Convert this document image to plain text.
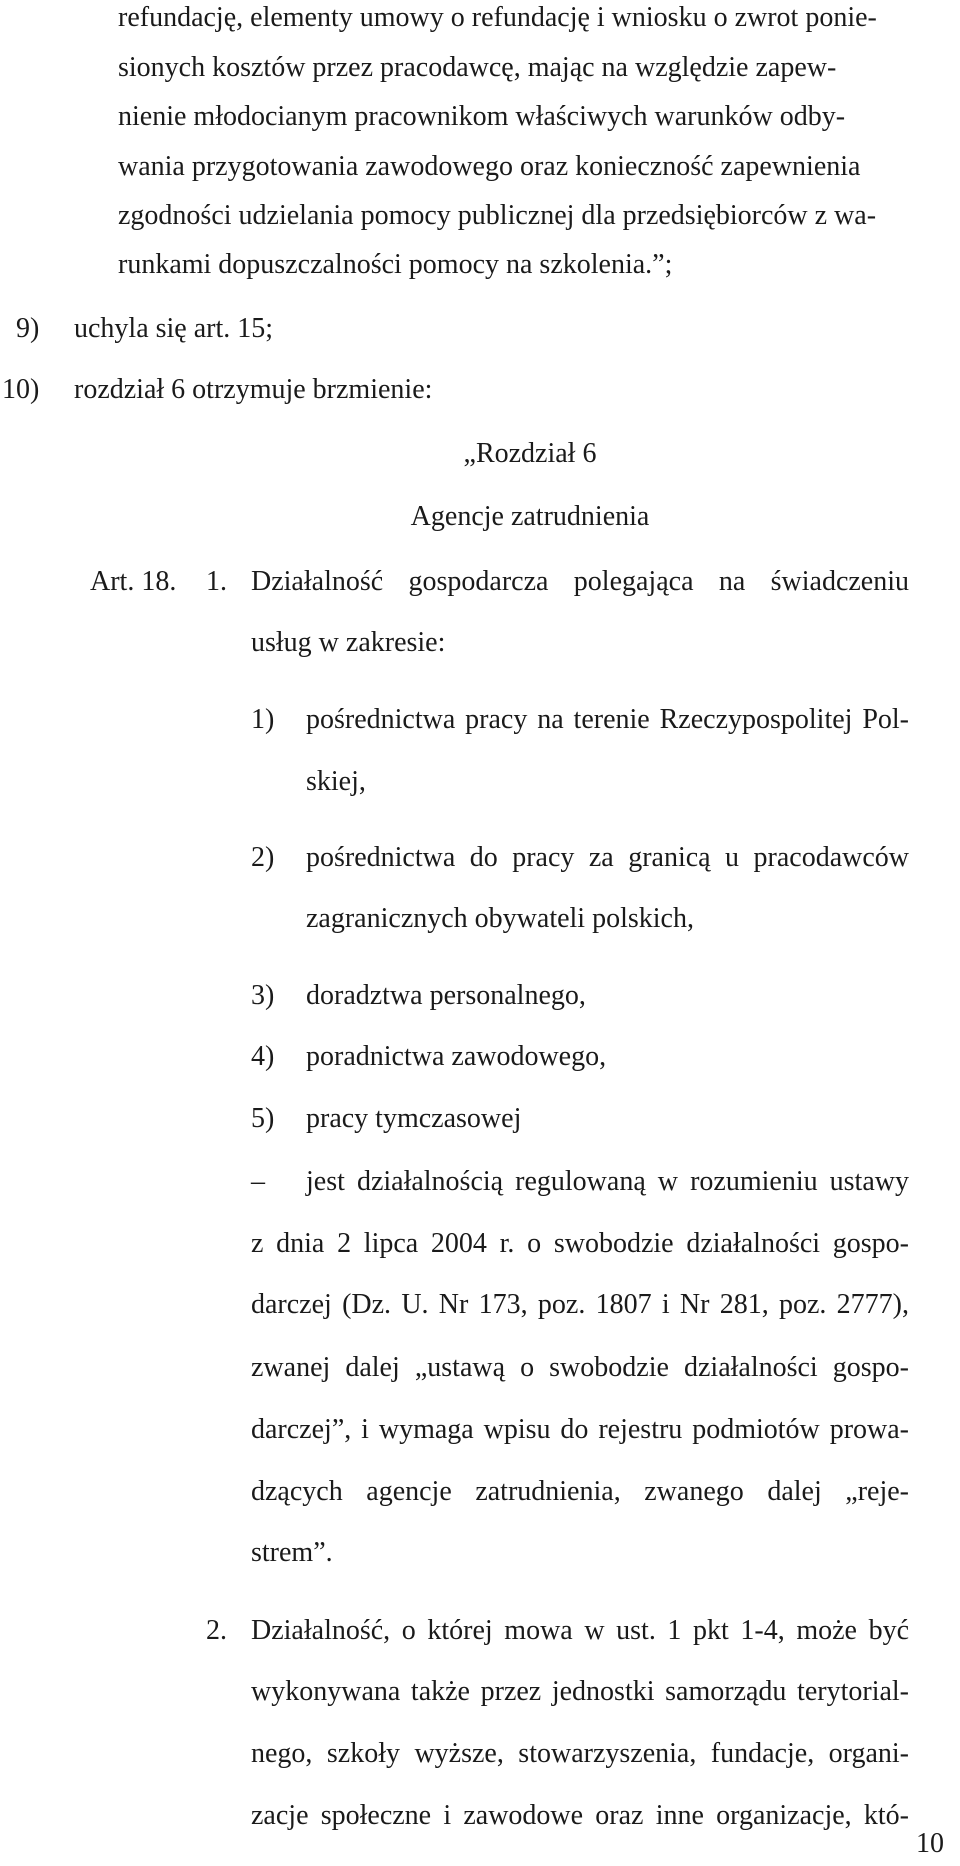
refundację, elementy umowy o refundację i wniosku o zwrot ponie-
sionych kosztów przez pracodawcę, mając na względzie zapew-
nienie młodocianym pracownikom właściwych warunków odby-
wania przygotowania zawodowego oraz konieczność zapewnienia
zgodności udzielania pomocy publicznej dla przedsiębiorców z wa-
runkami dopuszczalności pomocy na szkolenia.”;
9) uchyla się art. 15;
10) rozdział 6 otrzymuje brzmienie:
„Rozdział 6
Agencje zatrudnienia
Art. 18. 1. Działalność gospodarcza polegająca na świadczeniu
usług w zakresie:
1) pośrednictwa pracy na terenie Rzeczypospolitej Pol-
skiej,
2) pośrednictwa do pracy za granicą u pracodawców
zagranicznych obywateli polskich,
3) doradztwa personalnego,
4) poradnictwa zawodowego,
5) pracy tymczasowej
– jest działalnością regulowaną w rozumieniu ustawy
z dnia 2 lipca 2004 r. o swobodzie działalności gospo-
darczej (Dz. U. Nr 173, poz. 1807 i Nr 281, poz. 2777),
zwanej dalej „ustawą o swobodzie działalności gospo-
darczej”, i wymaga wpisu do rejestru podmiotów prowa-
dzących agencje zatrudnienia, zwanego dalej „reje-
strem”.
2. Działalność, o której mowa w ust. 1 pkt 1-4, może być
wykonywana także przez jednostki samorządu terytorial-
nego, szkoły wyższe, stowarzyszenia, fundacje, organi-
10
zacje społeczne i zawodowe oraz inne organizacje, któ-
